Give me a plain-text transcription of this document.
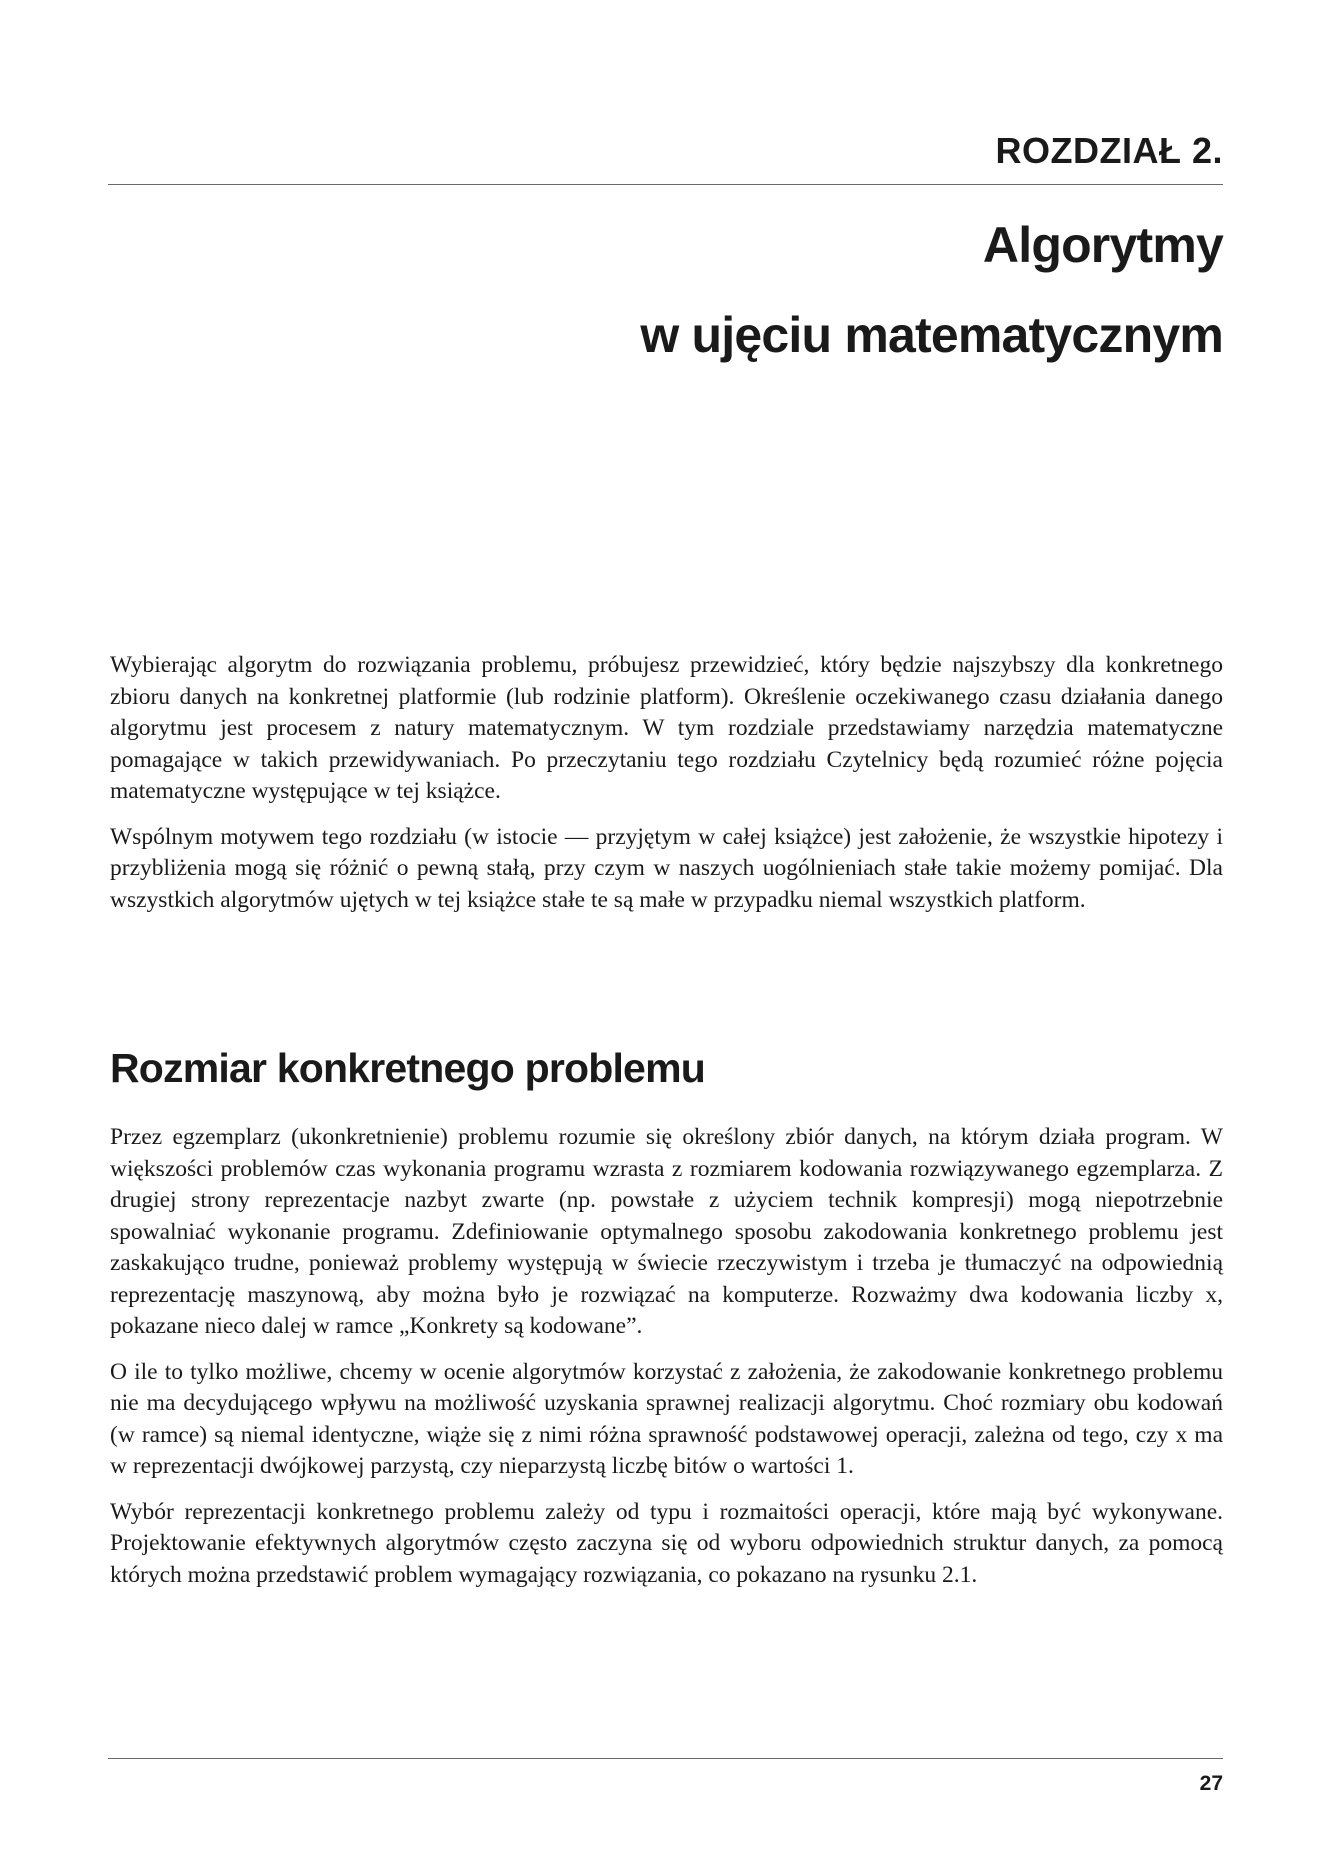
ROZDZIAŁ 2.
Algorytmy
w ujęciu matematycznym

Wybierając algorytm do rozwiązania problemu, próbujesz przewidzieć, który będzie najszybszy dla konkretnego zbioru danych na konkretnej platformie (lub rodzinie platform). Określenie oczekiwanego czasu działania danego algorytmu jest procesem z natury matematycznym. W tym rozdziale przedstawiamy narzędzia matematyczne pomagające w takich przewidywaniach. Po przeczytaniu tego rozdziału Czytelnicy będą rozumieć różne pojęcia matematyczne występujące w tej książce.

Wspólnym motywem tego rozdziału (w istocie — przyjętym w całej książce) jest założenie, że wszystkie hipotezy i przybliżenia mogą się różnić o pewną stałą, przy czym w naszych uogólnieniach stałe takie możemy pomijać. Dla wszystkich algorytmów ujętych w tej książce stałe te są małe w przypadku niemal wszystkich platform.

Rozmiar konkretnego problemu

Przez egzemplarz (ukonkretnienie) problemu rozumie się określony zbiór danych, na którym działa program. W większości problemów czas wykonania programu wzrasta z rozmiarem kodowania rozwiązywanego egzemplarza. Z drugiej strony reprezentacje nazbyt zwarte (np. powstałe z użyciem technik kompresji) mogą niepotrzebnie spowalniać wykonanie programu. Zdefiniowanie optymalnego sposobu zakodowania konkretnego problemu jest zaskakująco trudne, ponieważ problemy występują w świecie rzeczywistym i trzeba je tłumaczyć na odpowiednią reprezentację maszynową, aby można było je rozwiązać na komputerze. Rozważmy dwa kodowania liczby x, pokazane nieco dalej w ramce „Konkrety są kodowane”.

O ile to tylko możliwe, chcemy w ocenie algorytmów korzystać z założenia, że zakodowanie konkretnego problemu nie ma decydującego wpływu na możliwość uzyskania sprawnej realizacji algorytmu. Choć rozmiary obu kodowań (w ramce) są niemal identyczne, wiąże się z nimi różna sprawność podstawowej operacji, zależna od tego, czy x ma w reprezentacji dwójkowej parzystą, czy nieparzystą liczbę bitów o wartości 1.

Wybór reprezentacji konkretnego problemu zależy od typu i rozmaitości operacji, które mają być wykonywane. Projektowanie efektywnych algorytmów często zaczyna się od wyboru odpowiednich struktur danych, za pomocą których można przedstawić problem wymagający rozwiązania, co pokazano na rysunku 2.1.

27
